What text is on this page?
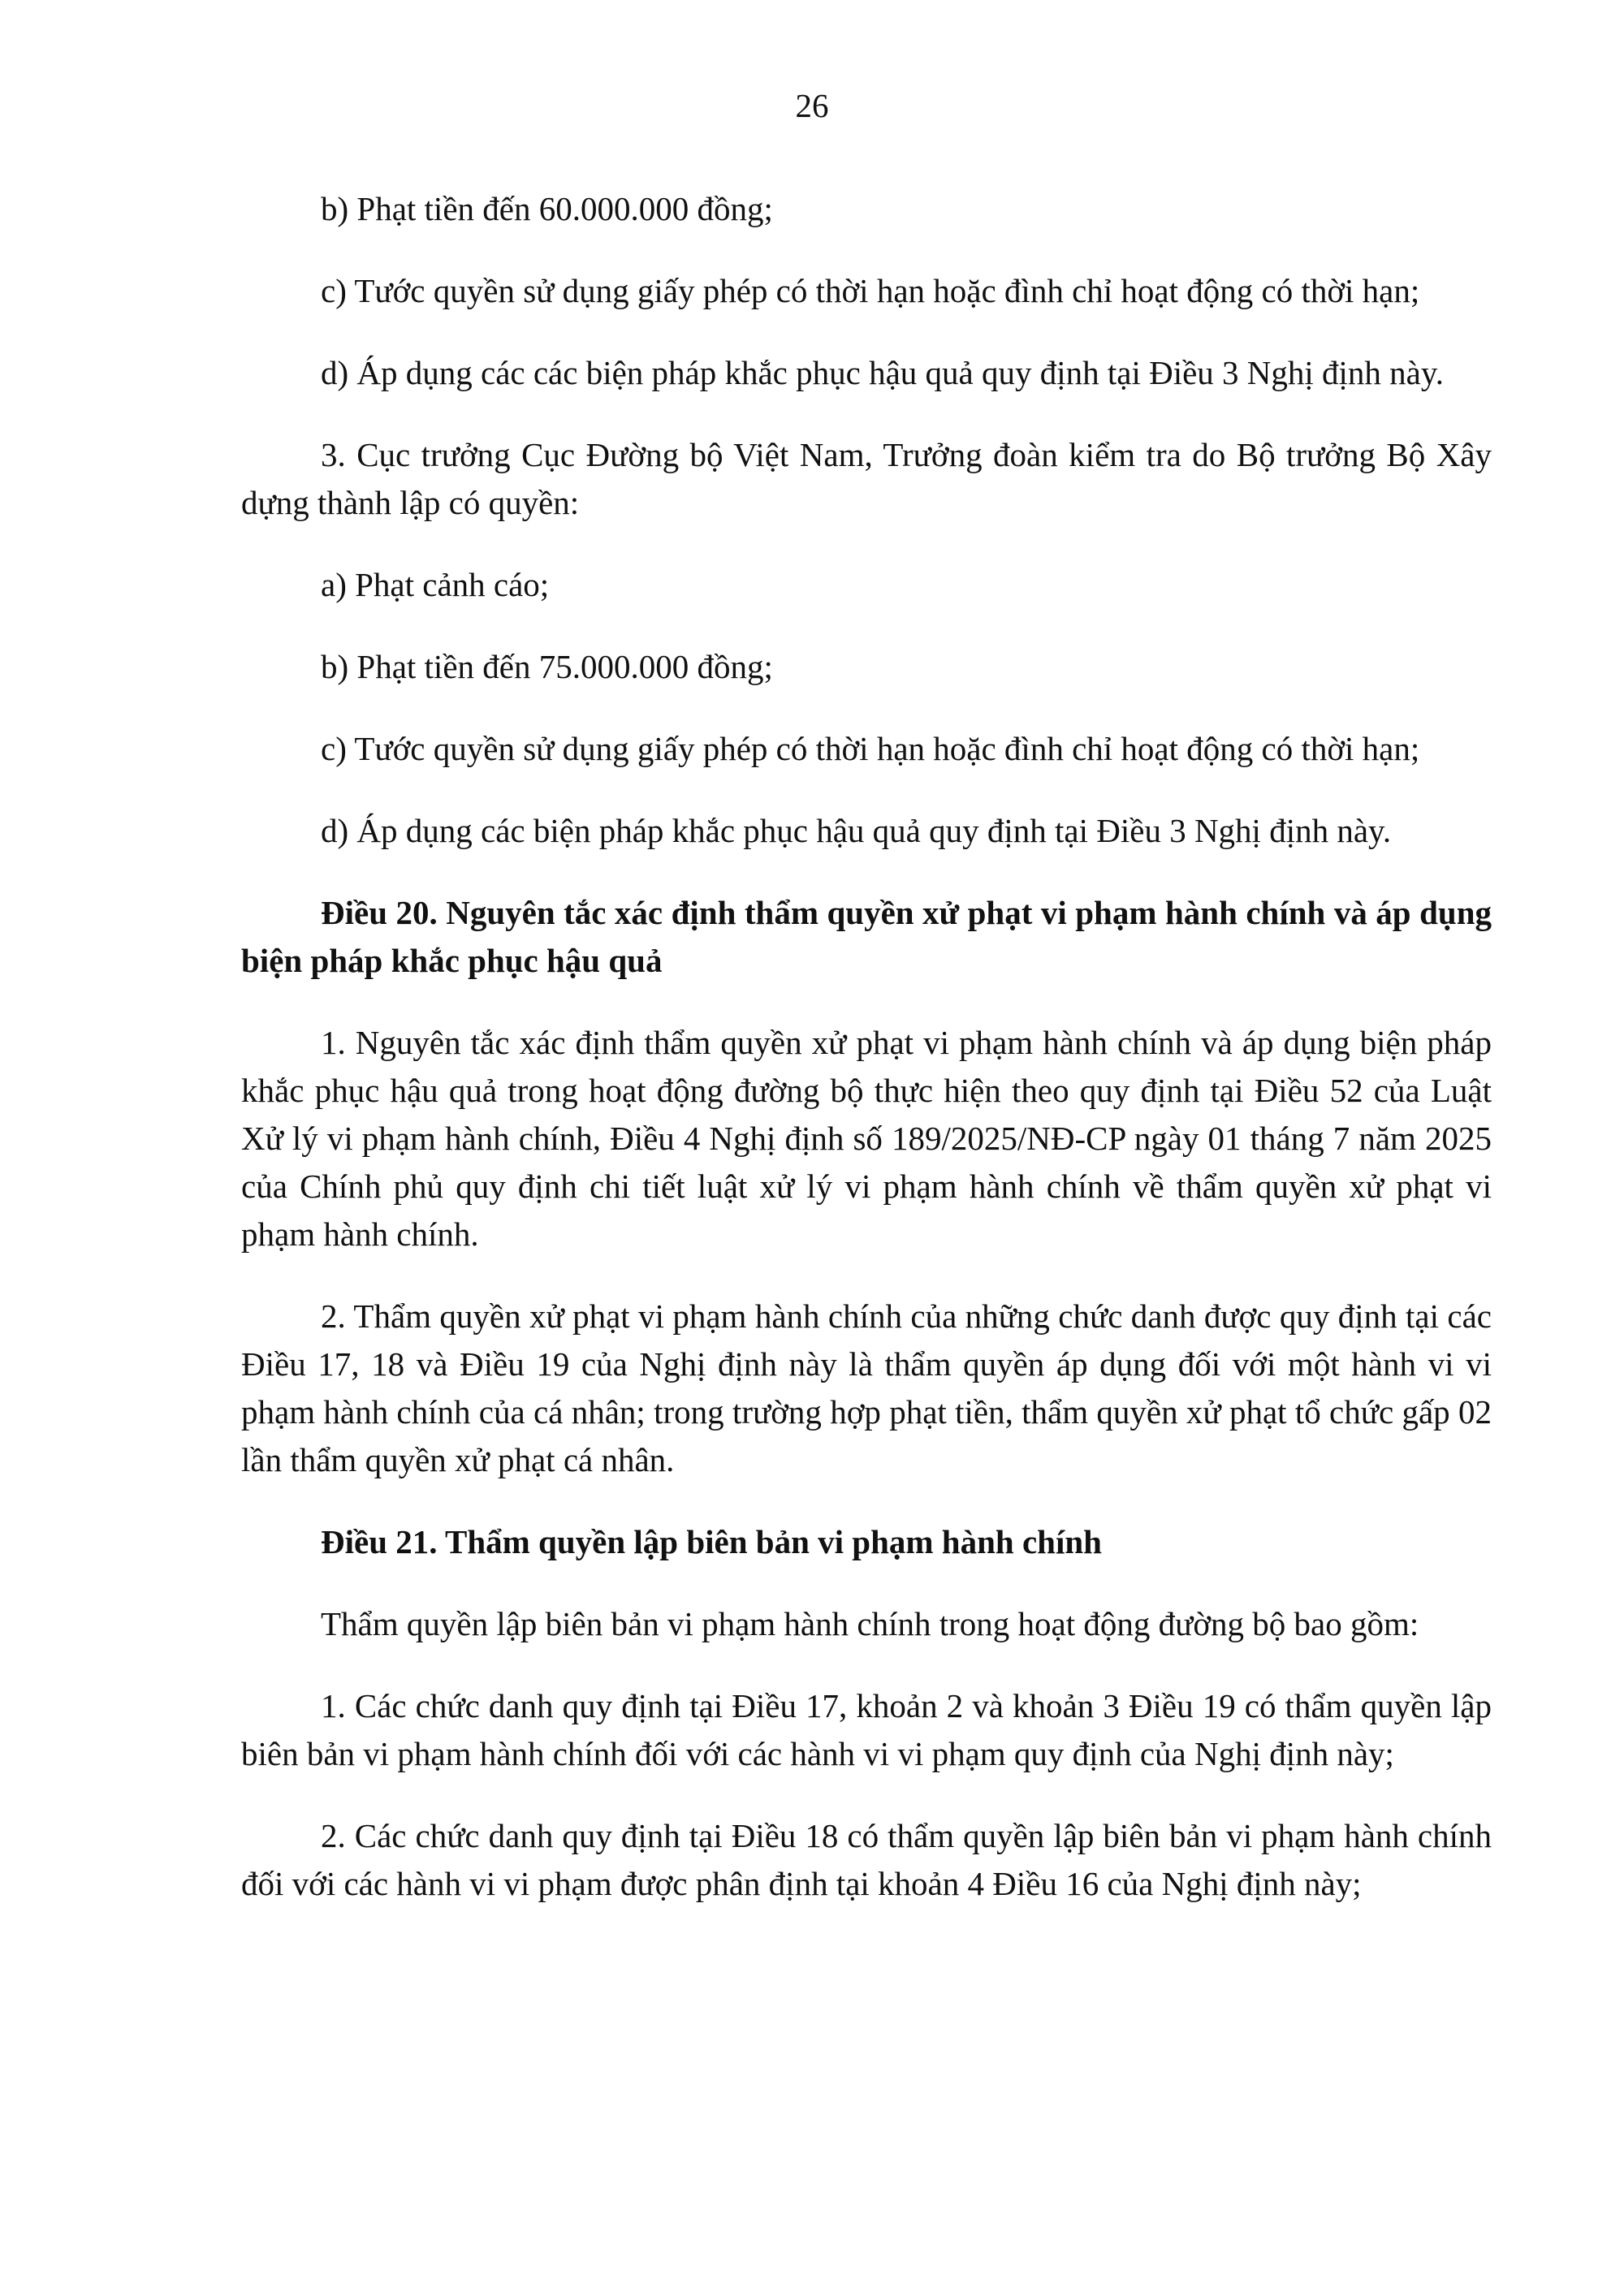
26

b) Phạt tiền đến 60.000.000 đồng;

c) Tước quyền sử dụng giấy phép có thời hạn hoặc đình chỉ hoạt động có thời hạn;

d) Áp dụng các các biện pháp khắc phục hậu quả quy định tại Điều 3 Nghị định này.

3. Cục trưởng Cục Đường bộ Việt Nam, Trưởng đoàn kiểm tra do Bộ trưởng Bộ Xây dựng thành lập có quyền:

a) Phạt cảnh cáo;

b) Phạt tiền đến 75.000.000 đồng;

c) Tước quyền sử dụng giấy phép có thời hạn hoặc đình chỉ hoạt động có thời hạn;

d) Áp dụng các biện pháp khắc phục hậu quả quy định tại Điều 3 Nghị định này.

Điều 20. Nguyên tắc xác định thẩm quyền xử phạt vi phạm hành chính và áp dụng biện pháp khắc phục hậu quả

1. Nguyên tắc xác định thẩm quyền xử phạt vi phạm hành chính và áp dụng biện pháp khắc phục hậu quả trong hoạt động đường bộ thực hiện theo quy định tại Điều 52 của Luật Xử lý vi phạm hành chính, Điều 4 Nghị định số 189/2025/NĐ-CP ngày 01 tháng 7 năm 2025 của Chính phủ quy định chi tiết luật xử lý vi phạm hành chính về thẩm quyền xử phạt vi phạm hành chính.

2. Thẩm quyền xử phạt vi phạm hành chính của những chức danh được quy định tại các Điều 17, 18 và Điều 19 của Nghị định này là thẩm quyền áp dụng đối với một hành vi vi phạm hành chính của cá nhân; trong trường hợp phạt tiền, thẩm quyền xử phạt tổ chức gấp 02 lần thẩm quyền xử phạt cá nhân.

Điều 21. Thẩm quyền lập biên bản vi phạm hành chính

Thẩm quyền lập biên bản vi phạm hành chính trong hoạt động đường bộ bao gồm:

1. Các chức danh quy định tại Điều 17, khoản 2 và khoản 3 Điều 19 có thẩm quyền lập biên bản vi phạm hành chính đối với các hành vi vi phạm quy định của Nghị định này;

2. Các chức danh quy định tại Điều 18 có thẩm quyền lập biên bản vi phạm hành chính đối với các hành vi vi phạm được phân định tại khoản 4 Điều 16 của Nghị định này;
